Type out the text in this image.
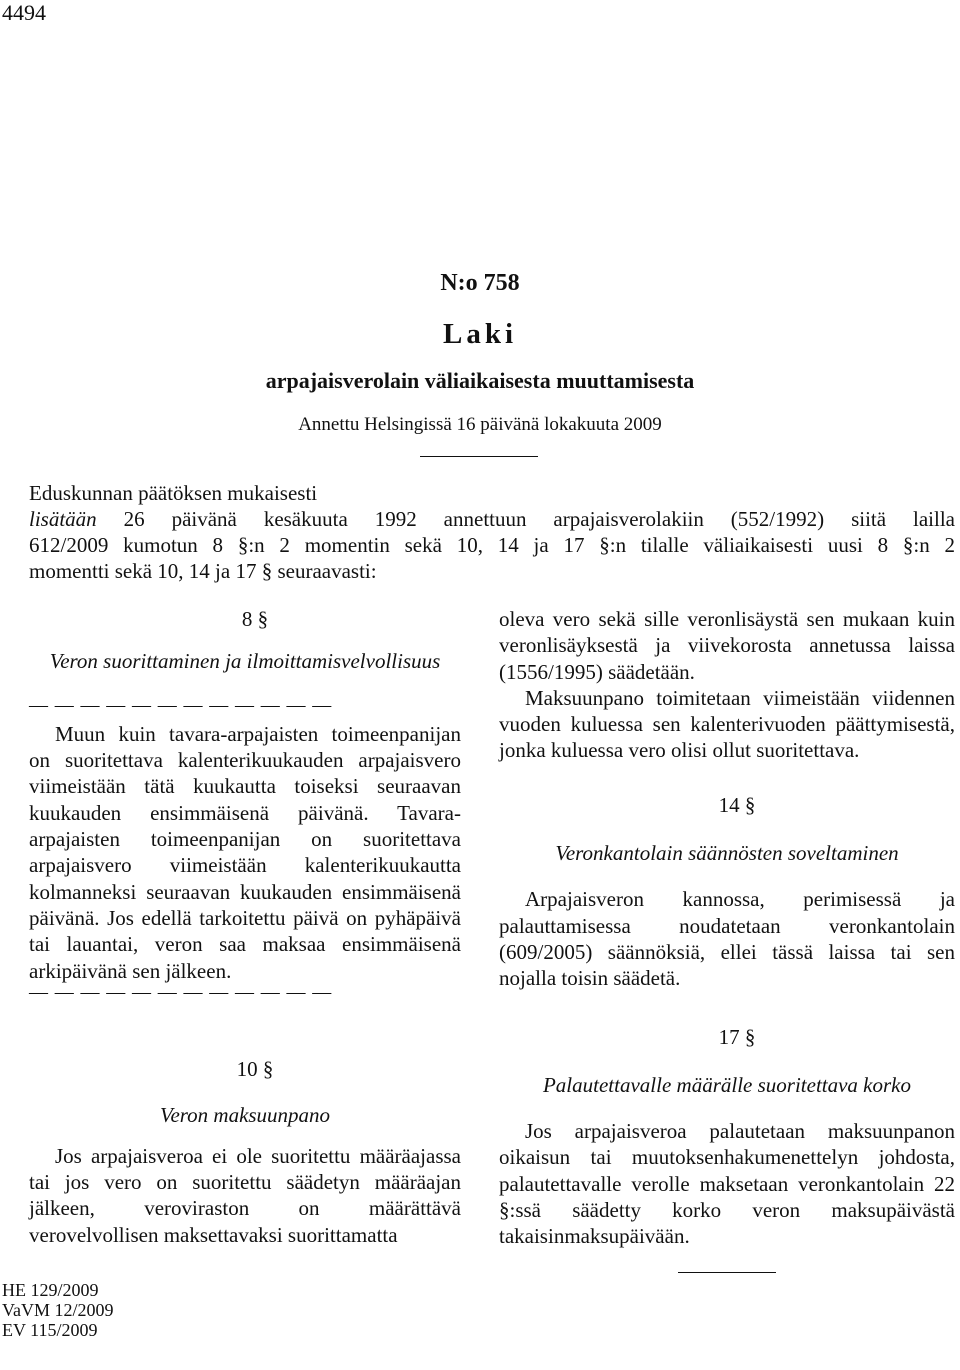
4494
N:o 758
Laki
arpajaisverolain väliaikaisesta muuttamisesta
Annettu Helsingissä 16 päivänä lokakuuta 2009
Eduskunnan päätöksen mukaisesti
lisätään 26 päivänä kesäkuuta 1992 annettuun arpajaisverolakiin (552/1992) siitä lailla
612/2009 kumotun 8 §:n 2 momentin sekä 10, 14 ja 17 §:n tilalle väliaikaisesti uusi 8 §:n 2
momentti sekä 10, 14 ja 17 § seuraavasti:
8 §
Veron suorittaminen ja ilmoittamisvelvollisuus
— — — — — — — — — — — —

Muun kuin tavara-arpajaisten toimeenpanijan on suoritettava kalenterikuukauden arpajaisvero viimeistään tätä kuukautta toiseksi seuraavan kuukauden ensimmäisenä päivänä. Tavara-arpajaisten toimeenpanijan on suoritettava arpajaisvero viimeistään kalenterikuukautta kolmanneksi seuraavan kuukauden ensimmäisenä päivänä. Jos edellä tarkoitettu päivä on pyhäpäivä tai lauantai, veron saa maksaa ensimmäisenä arkipäivänä sen jälkeen.

— — — — — — — — — — — —
10 §
Veron maksuunpano

Jos arpajaisveroa ei ole suoritettu määräajassa tai jos vero on suoritettu säädetyn määräajan jälkeen, veroviraston on määrättävä verovelvollisen maksettavaksi suorittamatta

oleva vero sekä sille veronlisäystä sen mukaan kuin veronlisäyksestä ja viivekorosta annetussa laissa (1556/1995) säädetään.

Maksuunpano toimitetaan viimeistään viidennen vuoden kuluessa sen kalenterivuoden päättymisestä, jonka kuluessa vero olisi ollut suoritettava.

14 §
Veronkantolain säännösten soveltaminen

Arpajaisveron kannossa, perimisessä ja palauttamisessa noudatetaan veronkantolain (609/2005) säännöksiä, ellei tässä laissa tai sen nojalla toisin säädetä.

17 §
Palautettavalle määrälle suoritettava korko

Jos arpajaisveroa palautetaan maksuunpanon oikaisun tai muutoksenhakumenettelyn johdosta, palautettavalle verolle maksetaan veronkantolain 22 §:ssä säädetty korko veron maksupäivästä takaisinmaksupäivään.

HE 129/2009
VaVM 12/2009
EV 115/2009
